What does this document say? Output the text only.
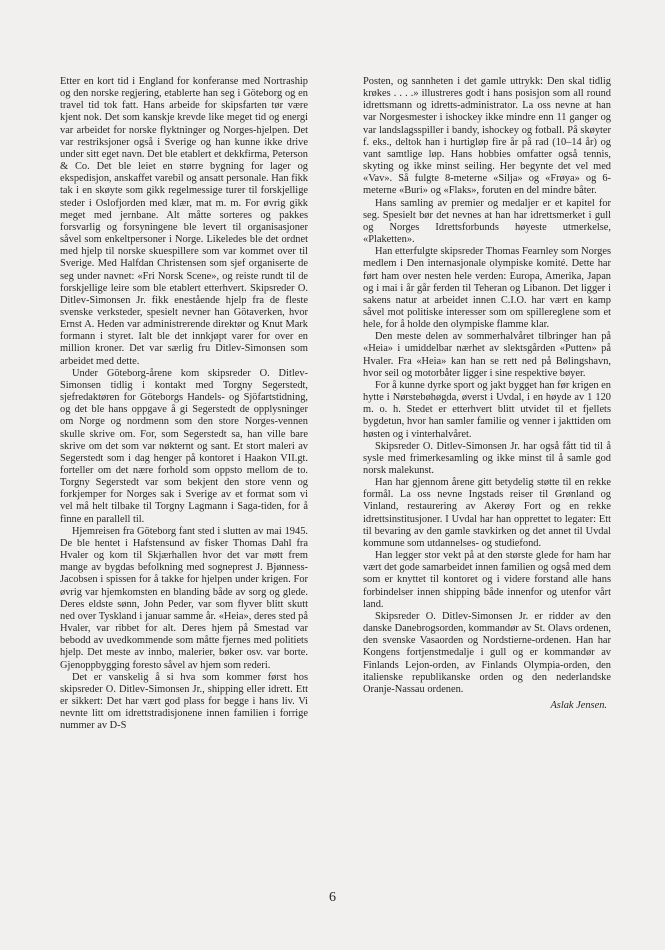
Etter en kort tid i England for konferanse med Nortraship og den norske regjering, etablerte han seg i Göteborg og en travel tid tok fatt. Hans arbeide for skipsfarten tør være kjent nok. Det som kanskje krevde like meget tid og energi var arbeidet for norske flyktninger og Norges-hjelpen. Det var restriksjoner også i Sverige og han kunne ikke drive under sitt eget navn. Det ble etablert et dekkfirma, Peterson & Co. Det ble leiet en større bygning for lager og ekspedisjon, anskaffet varebil og ansatt personale. Han fikk tak i en skøyte som gikk regelmessige turer til forskjellige steder i Oslofjorden med klær, mat m. m. For øvrig gikk meget med jernbane. Alt måtte sorteres og pakkes forsvarlig og forsyningene ble levert til organisasjoner såvel som enkeltpersoner i Norge. Likeledes ble det ordnet med hjelp til norske skuespillere som var kommet over til Sverige. Med Halfdan Christensen som sjef organiserte de seg under navnet: «Fri Norsk Scene», og reiste rundt til de forskjellige leire som ble etablert etterhvert. Skipsreder O. Ditlev-Simonsen Jr. fikk enestående hjelp fra de fleste svenske verksteder, spesielt nevner han Götaverken, hvor Ernst A. Heden var administrerende direktør og Knut Mark formann i styret. Ialt ble det innkjøpt varer for over en million kroner. Det var særlig fru Ditlev-Simonsen som arbeidet med dette.

Under Göteborg-årene kom skipsreder O. Ditlev-Simonsen tidlig i kontakt med Torgny Segerstedt, sjefredaktøren for Göteborgs Handels- og Sjöfartstidning, og det ble hans oppgave å gi Segerstedt de opplysninger om Norge og nordmenn som den store Norges-vennen skulle skrive om. For, som Segerstedt sa, han ville bare skrive om det som var nøkternt og sant. Et stort maleri av Segerstedt som i dag henger på kontoret i Haakon VII.gt. forteller om det nære forhold som oppsto mellom de to. Torgny Segerstedt var som bekjent den store venn og forkjemper for Norges sak i Sverige av et format som vi vel må helt tilbake til Torgny Lagmann i Saga-tiden, for å finne en parallell til.

Hjemreisen fra Göteborg fant sted i slutten av mai 1945. De ble hentet i Hafstensund av fisker Thomas Dahl fra Hvaler og kom til Skjærhallen hvor det var møtt frem mange av bygdas befolkning med sogneprest J. Bjønness-Jacobsen i spissen for å takke for hjelpen under krigen. For øvrig var hjemkomsten en blanding både av sorg og glede. Deres eldste sønn, John Peder, var som flyver blitt skutt ned over Tyskland i januar samme år. «Heia», deres sted på Hvaler, var ribbet for alt. Deres hjem på Smestad var bebodd av uvedkommende som måtte fjernes med politiets hjelp. Det meste av innbo, malerier, bøker osv. var borte. Gjenoppbygging foresto såvel av hjem som rederi.

Det er vanskelig å si hva som kommer først hos skipsreder O. Ditlev-Simonsen Jr., shipping eller idrett. Ett er sikkert: Det har vært god plass for begge i hans liv. Vi nevnte litt om idrettstradisjonene innen familien i forrige nummer av D-S

Posten, og sannheten i det gamle uttrykk: Den skal tidlig krøkes . . . .» illustreres godt i hans posisjon som all round idrettsmann og idretts-administrator. La oss nevne at han var Norgesmester i ishockey ikke mindre enn 11 ganger og var landslagsspiller i bandy, ishockey og fotball. På skøyter f. eks., deltok han i hurtigløp fire år på rad (10–14 år) og vant samtlige løp. Hans hobbies omfatter også tennis, skyting og ikke minst seiling. Her begynte det vel med «Vav». Så fulgte 8-meterne «Silja» og «Frøya» og 6-meterne «Buri» og «Flaks», foruten en del mindre båter.

Hans samling av premier og medaljer er et kapitel for seg. Spesielt bør det nevnes at han har idrettsmerket i gull og Norges Idrettsforbunds høyeste utmerkelse, «Plaketten».

Han etterfulgte skipsreder Thomas Fearnley som Norges medlem i Den internasjonale olympiske komité. Dette har ført ham over nesten hele verden: Europa, Amerika, Japan og i mai i år går ferden til Teheran og Libanon. Det ligger i sakens natur at arbeidet innen C.I.O. har vært en kamp såvel mot politiske interesser som om spillereglene som et hele, for å holde den olympiske flamme klar.

Den meste delen av sommerhalvåret tilbringer han på «Heia» i umiddelbar nærhet av slektsgården «Putten» på Hvaler. Fra «Heia» kan han se rett ned på Bølingshavn, hvor seil og motorbåter ligger i sine respektive bøyer.

For å kunne dyrke sport og jakt bygget han før krigen en hytte i Nørstebøhøgda, øverst i Uvdal, i en høyde av 1 120 m. o. h. Stedet er etterhvert blitt utvidet til et fjellets bygdetun, hvor han samler familie og venner i jakttiden om høsten og i vinterhalvåret.

Skipsreder O. Ditlev-Simonsen Jr. har også fått tid til å sysle med frimerkesamling og ikke minst til å samle god norsk malekunst.

Han har gjennom årene gitt betydelig støtte til en rekke formål. La oss nevne Ingstads reiser til Grønland og Vinland, restaurering av Akerøy Fort og en rekke idrettsinstitusjoner. I Uvdal har han opprettet to legater: Ett til bevaring av den gamle stavkirken og det annet til Uvdal kommune som utdannelses- og studiefond.

Han legger stor vekt på at den største glede for ham har vært det gode samarbeidet innen familien og også med dem som er knyttet til kontoret og i videre forstand alle hans forbindelser innen shipping både innenfor og utenfor vårt land.

Skipsreder O. Ditlev-Simonsen Jr. er ridder av den danske Danebrogsorden, kommandør av St. Olavs ordenen, den svenske Vasaorden og Nordstierne-ordenen. Han har Kongens fortjenstmedalje i gull og er kommandør av Finlands Lejon-orden, av Finlands Olympia-orden, den italienske republikanske orden og den nederlandske Oranje-Nassau ordenen.

Aslak Jensen.
6
